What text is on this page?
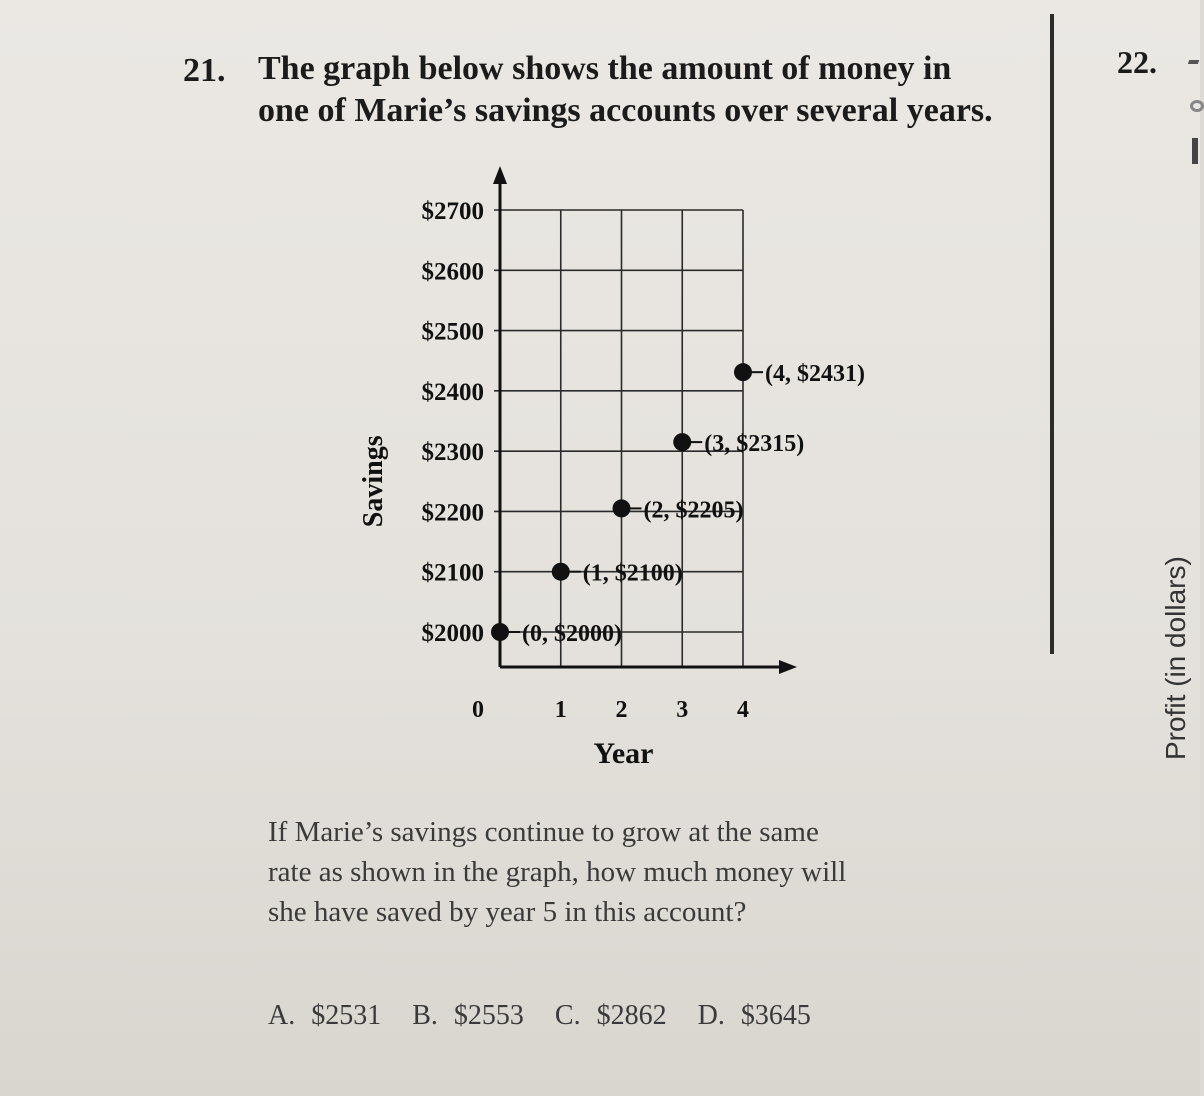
21. The graph below shows the amount of money in
one of Marie’s savings accounts over several years.
22.
Profit (in dollars)
$2000
$2100
$2200
$2300
$2400
$2500
$2600
$2700
0	1 2 3 4
Year
Savings
(0, $2000)
(1, $2100)
(2, $2205)
(3, $2315)
(4, $2431)
If Marie’s savings continue to grow at the same
rate as shown in the graph, how much money will
she have saved by year 5 in this account?
A. $2531 B. $2553 C. $2862 D. $3645
